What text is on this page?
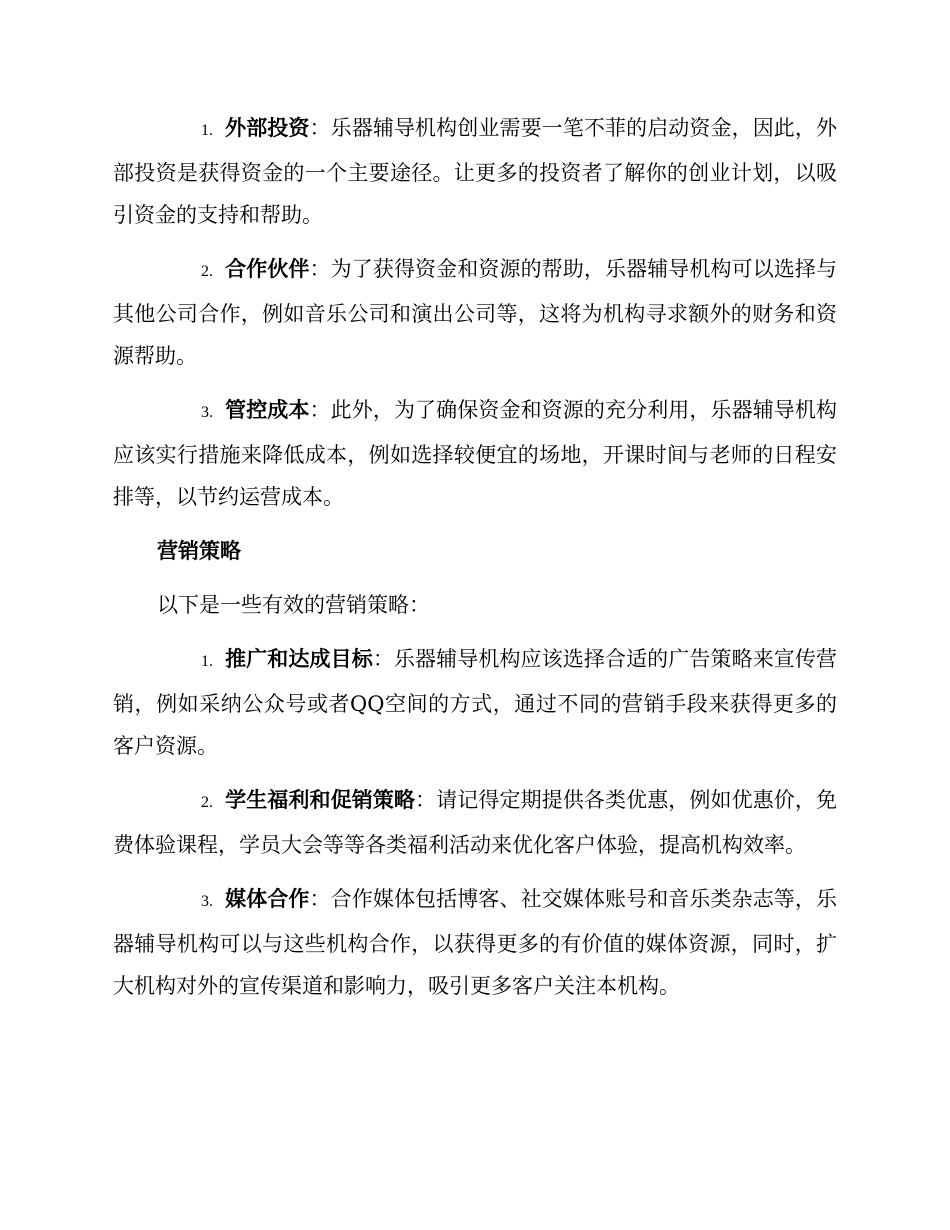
1. 外部投资：乐器辅导机构创业需要一笔不菲的启动资金，因此，外部投资是获得资金的一个主要途径。让更多的投资者了解你的创业计划，以吸引资金的支持和帮助。

2. 合作伙伴：为了获得资金和资源的帮助，乐器辅导机构可以选择与其他公司合作，例如音乐公司和演出公司等，这将为机构寻求额外的财务和资源帮助。

3. 管控成本：此外，为了确保资金和资源的充分利用，乐器辅导机构应该实行措施来降低成本，例如选择较便宜的场地，开课时间与老师的日程安排等，以节约运营成本。

营销策略

以下是一些有效的营销策略：

1. 推广和达成目标：乐器辅导机构应该选择合适的广告策略来宣传营销，例如采纳公众号或者QQ空间的方式，通过不同的营销手段来获得更多的客户资源。

2. 学生福利和促销策略：请记得定期提供各类优惠，例如优惠价，免费体验课程，学员大会等等各类福利活动来优化客户体验，提高机构效率。

3. 媒体合作：合作媒体包括博客、社交媒体账号和音乐类杂志等，乐器辅导机构可以与这些机构合作，以获得更多的有价值的媒体资源，同时，扩大机构对外的宣传渠道和影响力，吸引更多客户关注本机构。
